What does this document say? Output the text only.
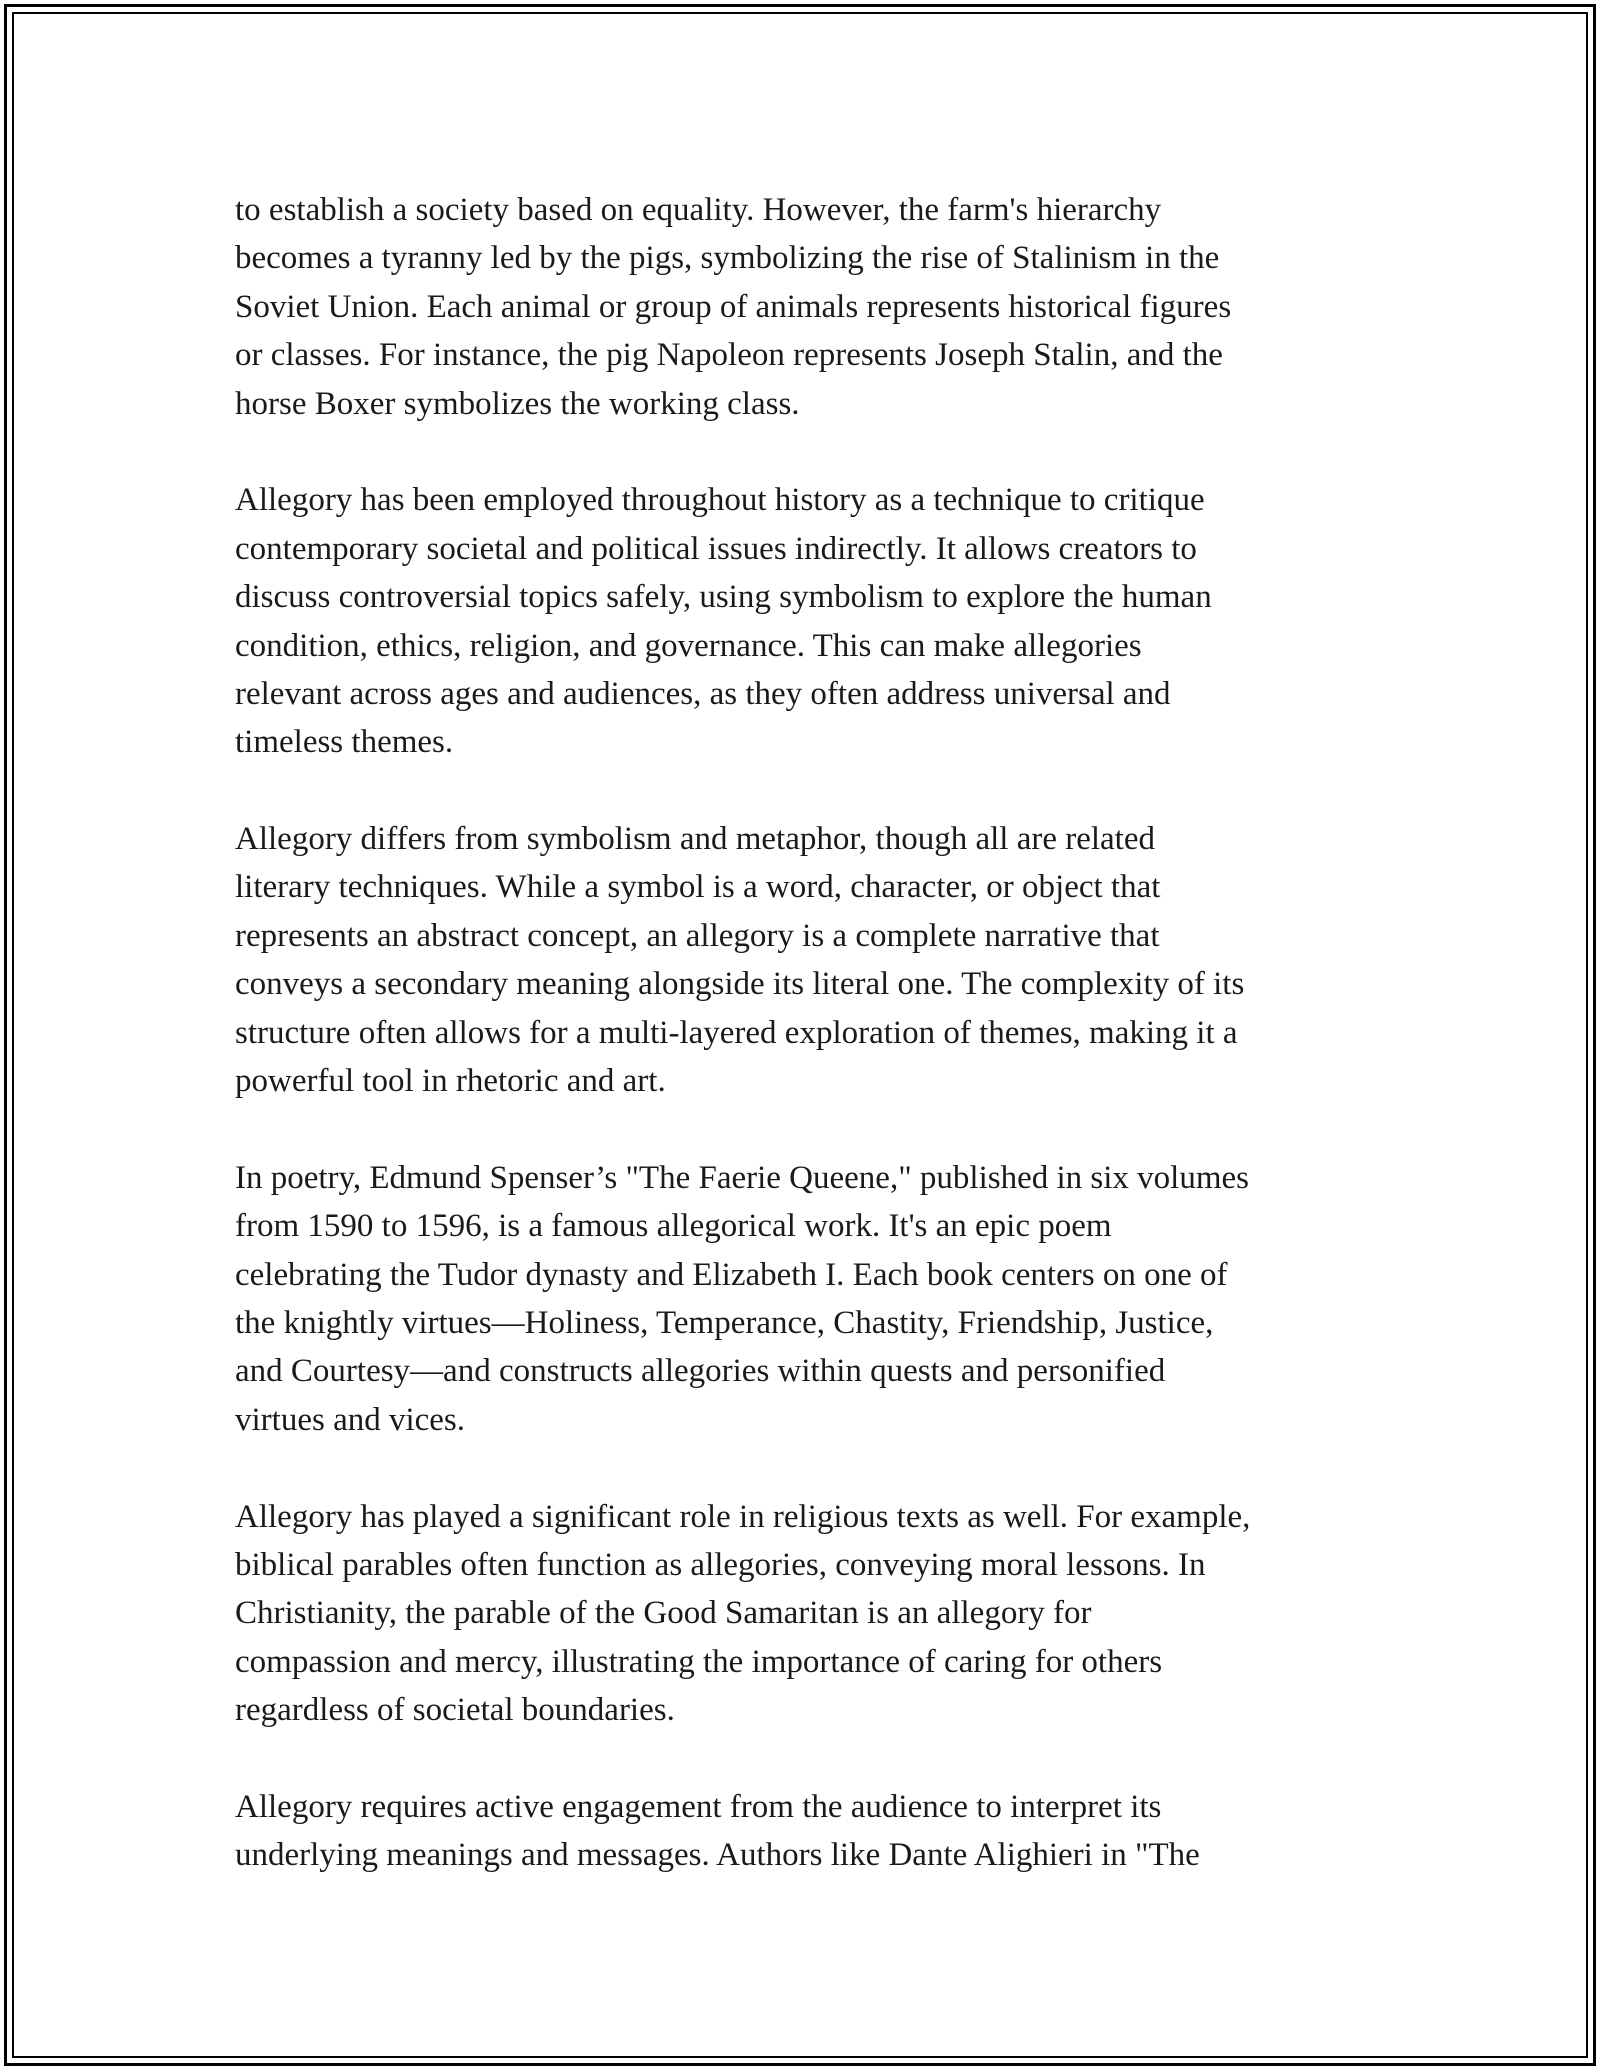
to establish a society based on equality. However, the farm's hierarchy
becomes a tyranny led by the pigs, symbolizing the rise of Stalinism in the
Soviet Union. Each animal or group of animals represents historical figures
or classes. For instance, the pig Napoleon represents Joseph Stalin, and the
horse Boxer symbolizes the working class.

Allegory has been employed throughout history as a technique to critique
contemporary societal and political issues indirectly. It allows creators to
discuss controversial topics safely, using symbolism to explore the human
condition, ethics, religion, and governance. This can make allegories
relevant across ages and audiences, as they often address universal and
timeless themes.

Allegory differs from symbolism and metaphor, though all are related
literary techniques. While a symbol is a word, character, or object that
represents an abstract concept, an allegory is a complete narrative that
conveys a secondary meaning alongside its literal one. The complexity of its
structure often allows for a multi-layered exploration of themes, making it a
powerful tool in rhetoric and art.

In poetry, Edmund Spenser’s "The Faerie Queene," published in six volumes
from 1590 to 1596, is a famous allegorical work. It's an epic poem
celebrating the Tudor dynasty and Elizabeth I. Each book centers on one of
the knightly virtues—Holiness, Temperance, Chastity, Friendship, Justice,
and Courtesy—and constructs allegories within quests and personified
virtues and vices.

Allegory has played a significant role in religious texts as well. For example,
biblical parables often function as allegories, conveying moral lessons. In
Christianity, the parable of the Good Samaritan is an allegory for
compassion and mercy, illustrating the importance of caring for others
regardless of societal boundaries.

Allegory requires active engagement from the audience to interpret its
underlying meanings and messages. Authors like Dante Alighieri in "The
